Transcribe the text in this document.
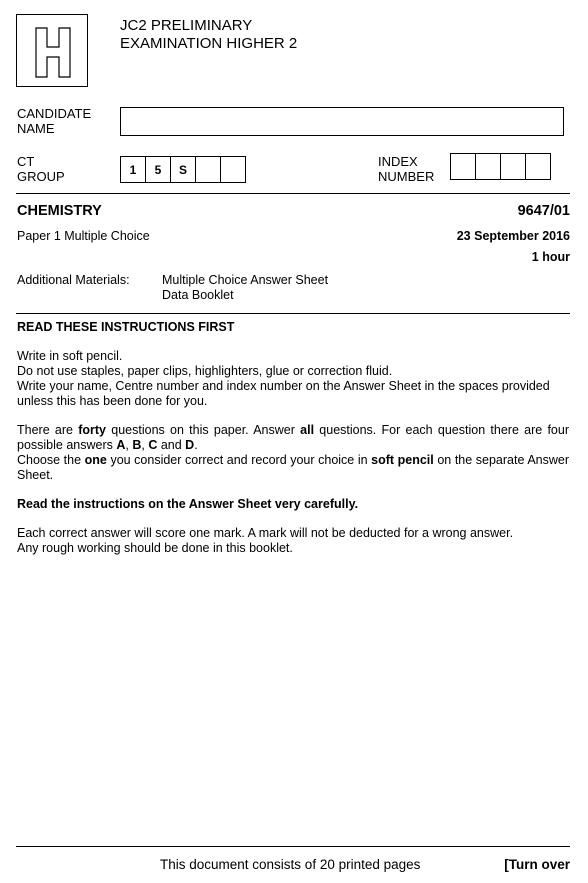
JC2 PRELIMINARY
EXAMINATION HIGHER 2
CANDIDATE
NAME
CT
GROUP	1	5	S
INDEX
NUMBER
CHEMISTRY	9647/01
Paper 1 Multiple Choice	23 September 2016
1 hour
Additional Materials:	Multiple Choice Answer Sheet
Data Booklet

READ THESE INSTRUCTIONS FIRST

Write in soft pencil.

Do not use staples, paper clips, highlighters, glue or correction fluid.

Write your name, Centre number and index number on the Answer Sheet in the spaces provided unless this has been done for you.

There are forty questions on this paper. Answer all questions. For each question there are four possible answers A, B, C and D.

Choose the one you consider correct and record your choice in soft pencil on the separate Answer Sheet.

Read the instructions on the Answer Sheet very carefully.

Each correct answer will score one mark. A mark will not be deducted for a wrong answer.

Any rough working should be done in this booklet.

This document consists of 20 printed pages	[Turn over
